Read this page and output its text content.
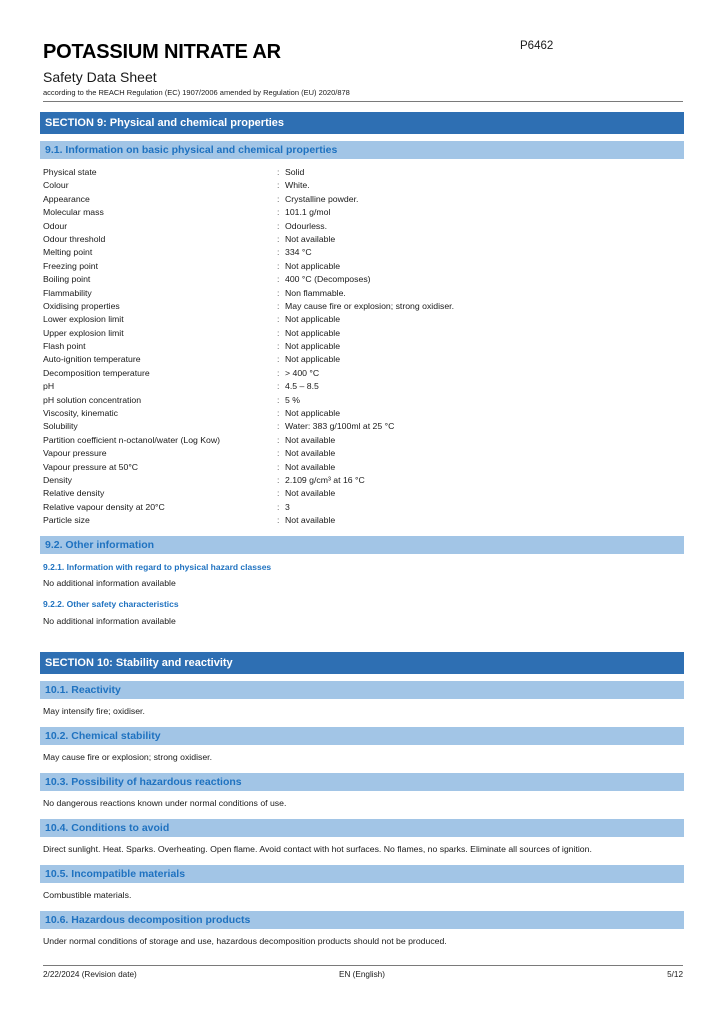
POTASSIUM NITRATE AR	P6462
Safety Data Sheet
according to the REACH Regulation (EC) 1907/2006 amended by Regulation (EU) 2020/878
SECTION 9: Physical and chemical properties
9.1. Information on basic physical and chemical properties
Physical state	: Solid
Colour	: White.
Appearance	: Crystalline powder.
Molecular mass	: 101.1 g/mol
Odour	: Odourless.
Odour threshold	: Not available
Melting point	: 334 °C
Freezing point	: Not applicable
Boiling point	: 400 °C (Decomposes)
Flammability	: Non flammable.
Oxidising properties	: May cause fire or explosion; strong oxidiser.
Lower explosion limit	: Not applicable
Upper explosion limit	: Not applicable
Flash point	: Not applicable
Auto-ignition temperature	: Not applicable
Decomposition temperature	: > 400 °C
pH	: 4.5 – 8.5
pH solution concentration	: 5 %
Viscosity, kinematic	: Not applicable
Solubility	: Water: 383 g/100ml at 25 °C
Partition coefficient n-octanol/water (Log Kow)	: Not available
Vapour pressure	: Not available
Vapour pressure at 50°C	: Not available
Density	: 2.109 g/cm³ at 16 °C
Relative density	: Not available
Relative vapour density at 20°C	: 3
Particle size	: Not available
9.2. Other information
9.2.1. Information with regard to physical hazard classes
No additional information available
9.2.2. Other safety characteristics
No additional information available
SECTION 10: Stability and reactivity
10.1. Reactivity
May intensify fire; oxidiser.
10.2. Chemical stability
May cause fire or explosion; strong oxidiser.
10.3. Possibility of hazardous reactions
No dangerous reactions known under normal conditions of use.
10.4. Conditions to avoid
Direct sunlight. Heat. Sparks. Overheating. Open flame. Avoid contact with hot surfaces. No flames, no sparks. Eliminate all sources of ignition.
10.5. Incompatible materials
Combustible materials.
10.6. Hazardous decomposition products
Under normal conditions of storage and use, hazardous decomposition products should not be produced.
2/22/2024 (Revision date)	EN (English)	5/12
